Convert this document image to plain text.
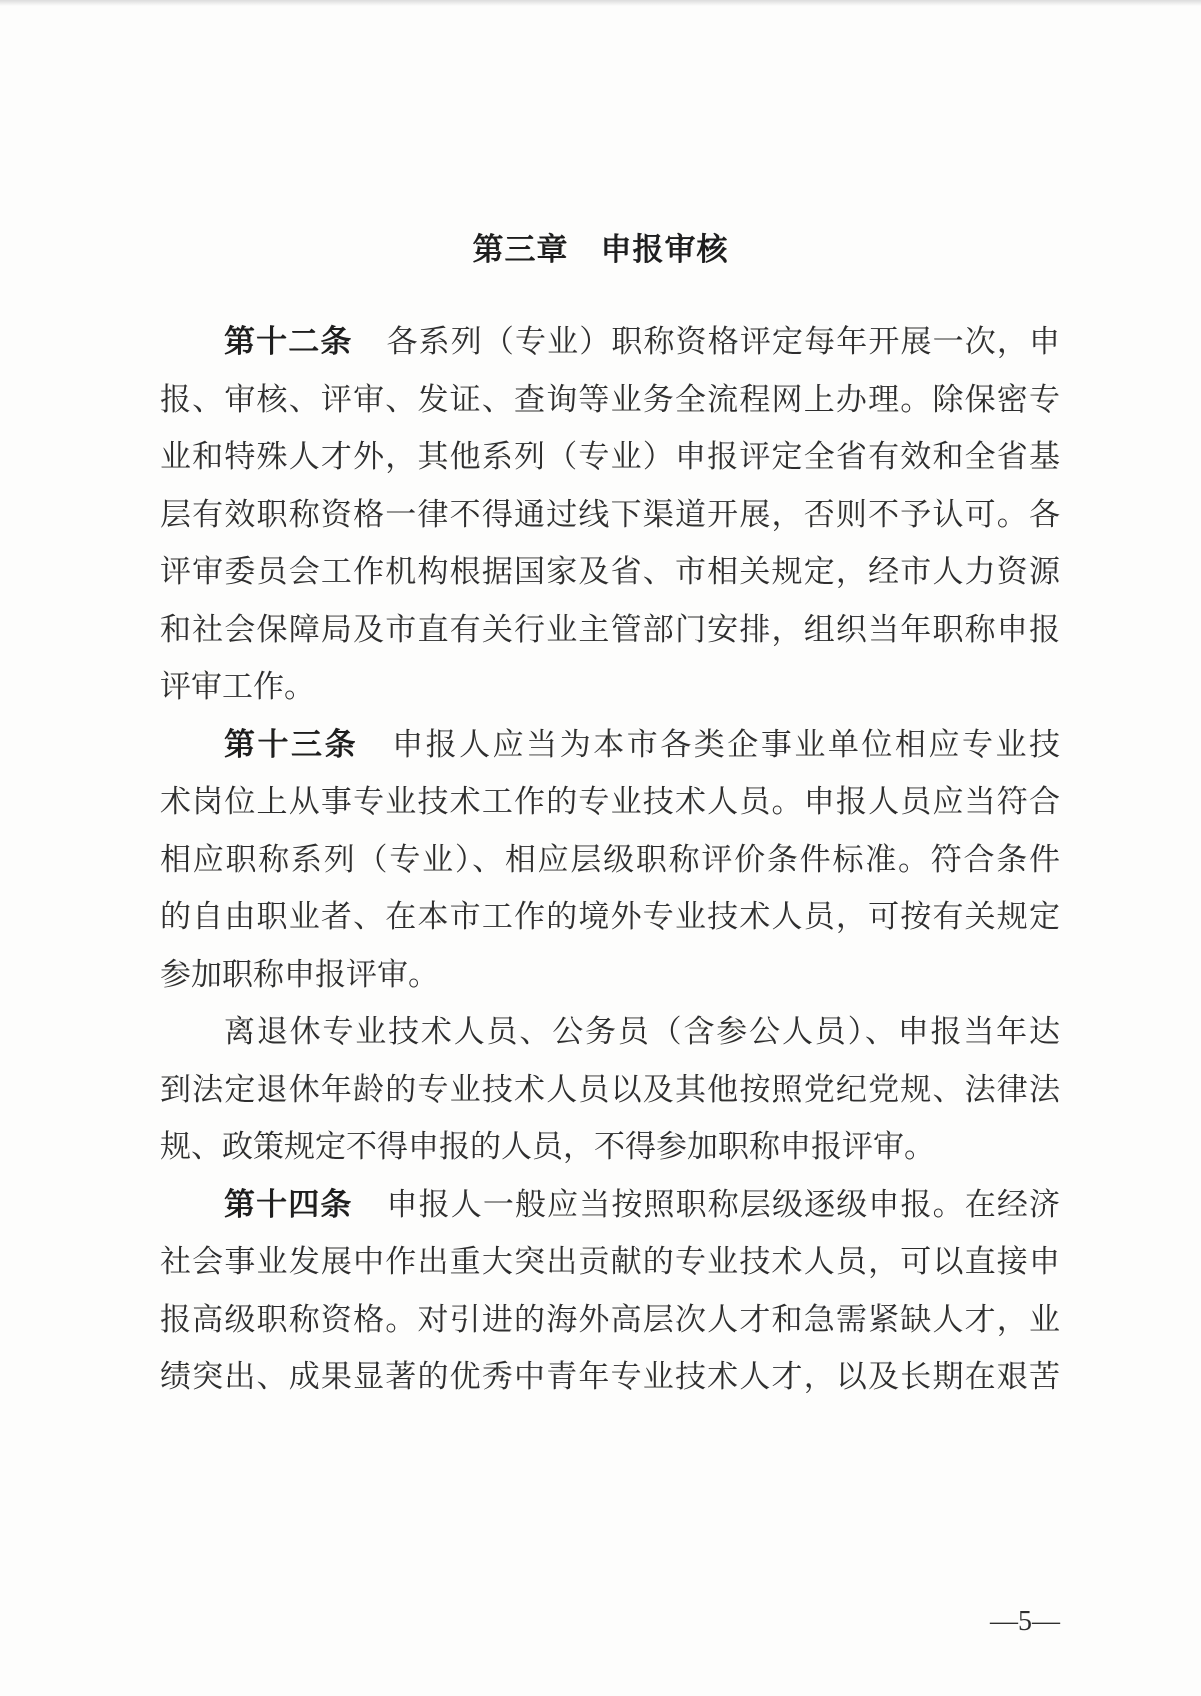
第三章　申报审核
第十二条 各系列（专业）职称资格评定每年开展一次，申
报、审核、评审、发证、查询等业务全流程网上办理。除保密专
业和特殊人才外，其他系列（专业）申报评定全省有效和全省基
层有效职称资格一律不得通过线下渠道开展，否则不予认可。各
评审委员会工作机构根据国家及省、市相关规定，经市人力资源
和社会保障局及市直有关行业主管部门安排，组织当年职称申报
评审工作。
第十三条 申报人应当为本市各类企事业单位相应专业技
术岗位上从事专业技术工作的专业技术人员。申报人员应当符合
相应职称系列（专业）、相应层级职称评价条件标准。符合条件
的自由职业者、在本市工作的境外专业技术人员，可按有关规定
参加职称申报评审。
离退休专业技术人员、公务员（含参公人员）、申报当年达
到法定退休年龄的专业技术人员以及其他按照党纪党规、法律法
规、政策规定不得申报的人员，不得参加职称申报评审。
第十四条 申报人一般应当按照职称层级逐级申报。在经济
社会事业发展中作出重大突出贡献的专业技术人员，可以直接申
报高级职称资格。对引进的海外高层次人才和急需紧缺人才，业
绩突出、成果显著的优秀中青年专业技术人才，以及长期在艰苦
—5—
